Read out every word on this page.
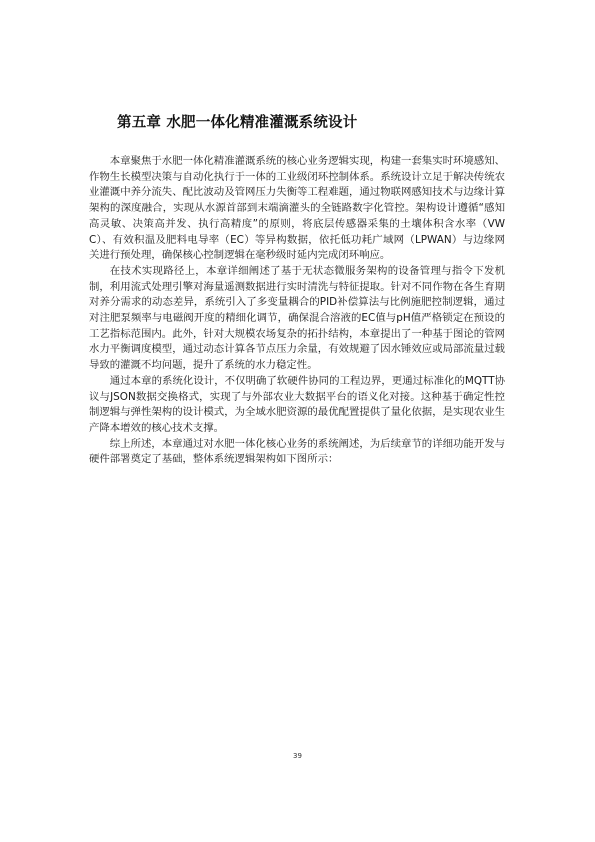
第五章 水肥一体化精准灌溉系统设计

本章聚焦于水肥一体化精准灌溉系统的核心业务逻辑实现，构建一套集实时环境感知、作物生长模型决策与自动化执行于一体的工业级闭环控制体系。系统设计立足于解决传统农业灌溉中养分流失、配比波动及管网压力失衡等工程难题，通过物联网感知技术与边缘计算架构的深度融合，实现从水源首部到末端滴灌头的全链路数字化管控。架构设计遵循“感知高灵敏、决策高并发、执行高精度”的原则，将底层传感器采集的土壤体积含水率（VWC）、有效积温及肥料电导率（EC）等异构数据，依托低功耗广域网（LPWAN）与边缘网关进行预处理，确保核心控制逻辑在毫秒级时延内完成闭环响应。

在技术实现路径上，本章详细阐述了基于无状态微服务架构的设备管理与指令下发机制，利用流式处理引擎对海量遥测数据进行实时清洗与特征提取。针对不同作物在各生育期对养分需求的动态差异，系统引入了多变量耦合的PID补偿算法与比例施肥控制逻辑，通过对注肥泵频率与电磁阀开度的精细化调节，确保混合溶液的EC值与pH值严格锁定在预设的工艺指标范围内。此外，针对大规模农场复杂的拓扑结构，本章提出了一种基于图论的管网水力平衡调度模型，通过动态计算各节点压力余量，有效规避了因水锤效应或局部流量过载导致的灌溉不均问题，提升了系统的水力稳定性。

通过本章的系统化设计，不仅明确了软硬件协同的工程边界，更通过标准化的MQTT协议与JSON数据交换格式，实现了与外部农业大数据平台的语义化对接。这种基于确定性控制逻辑与弹性架构的设计模式，为全域水肥资源的最优配置提供了量化依据，是实现农业生产降本增效的核心技术支撑。

综上所述，本章通过对水肥一体化核心业务的系统阐述，为后续章节的详细功能开发与硬件部署奠定了基础，整体系统逻辑架构如下图所示：

39
